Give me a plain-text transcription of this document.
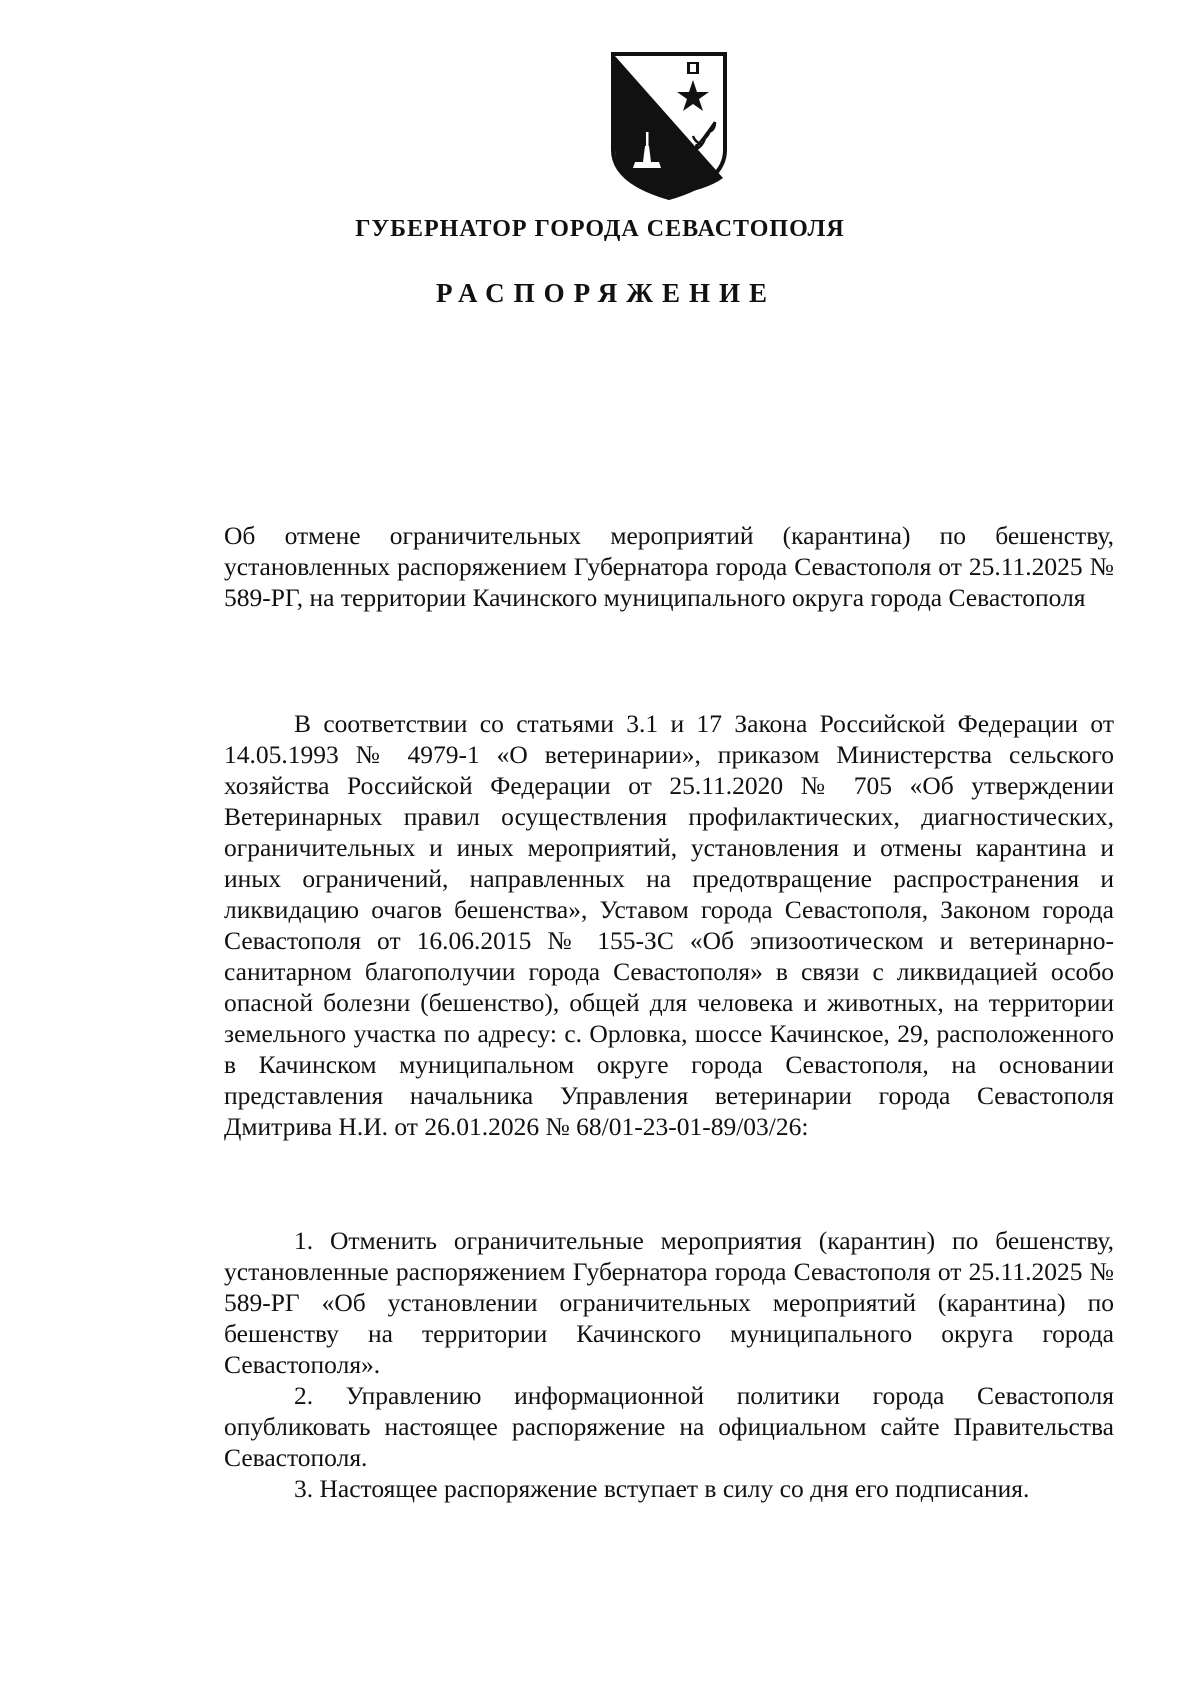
ГУБЕРНАТОР ГОРОДА СЕВАСТОПОЛЯ
РАСПОРЯЖЕНИЕ
Об отмене ограничительных мероприятий (карантина) по бешенству, установленных распоряжением Губернатора города Севастополя от 25.11.2025 № 589-РГ, на территории Качинского муниципального округа города Севастополя
В соответствии со статьями 3.1 и 17 Закона Российской Федерации от 14.05.1993 № 4979-1 «О ветеринарии», приказом Министерства сельского хозяйства Российской Федерации от 25.11.2020 № 705 «Об утверждении Ветеринарных правил осуществления профилактических, диагностических, ограничительных и иных мероприятий, установления и отмены карантина и иных ограничений, направленных на предотвращение распространения и ликвидацию очагов бешенства», Уставом города Севастополя, Законом города Севастополя от 16.06.2015 № 155-ЗС «Об эпизоотическом и ветеринарно-санитарном благополучии города Севастополя» в связи с ликвидацией особо опасной болезни (бешенство), общей для человека и животных, на территории земельного участка по адресу: с. Орловка, шоссе Качинское, 29, расположенного в Качинском муниципальном округе города Севастополя, на основании представления начальника Управления ветеринарии города Севастополя Дмитрива Н.И. от 26.01.2026 № 68/01-23-01-89/03/26:

1. Отменить ограничительные мероприятия (карантин) по бешенству, установленные распоряжением Губернатора города Севастополя от 25.11.2025 № 589-РГ «Об установлении ограничительных мероприятий (карантина) по бешенству на территории Качинского муниципального округа города Севастополя».

2. Управлению информационной политики города Севастополя опубликовать настоящее распоряжение на официальном сайте Правительства Севастополя.

3. Настоящее распоряжение вступает в силу со дня его подписания.
